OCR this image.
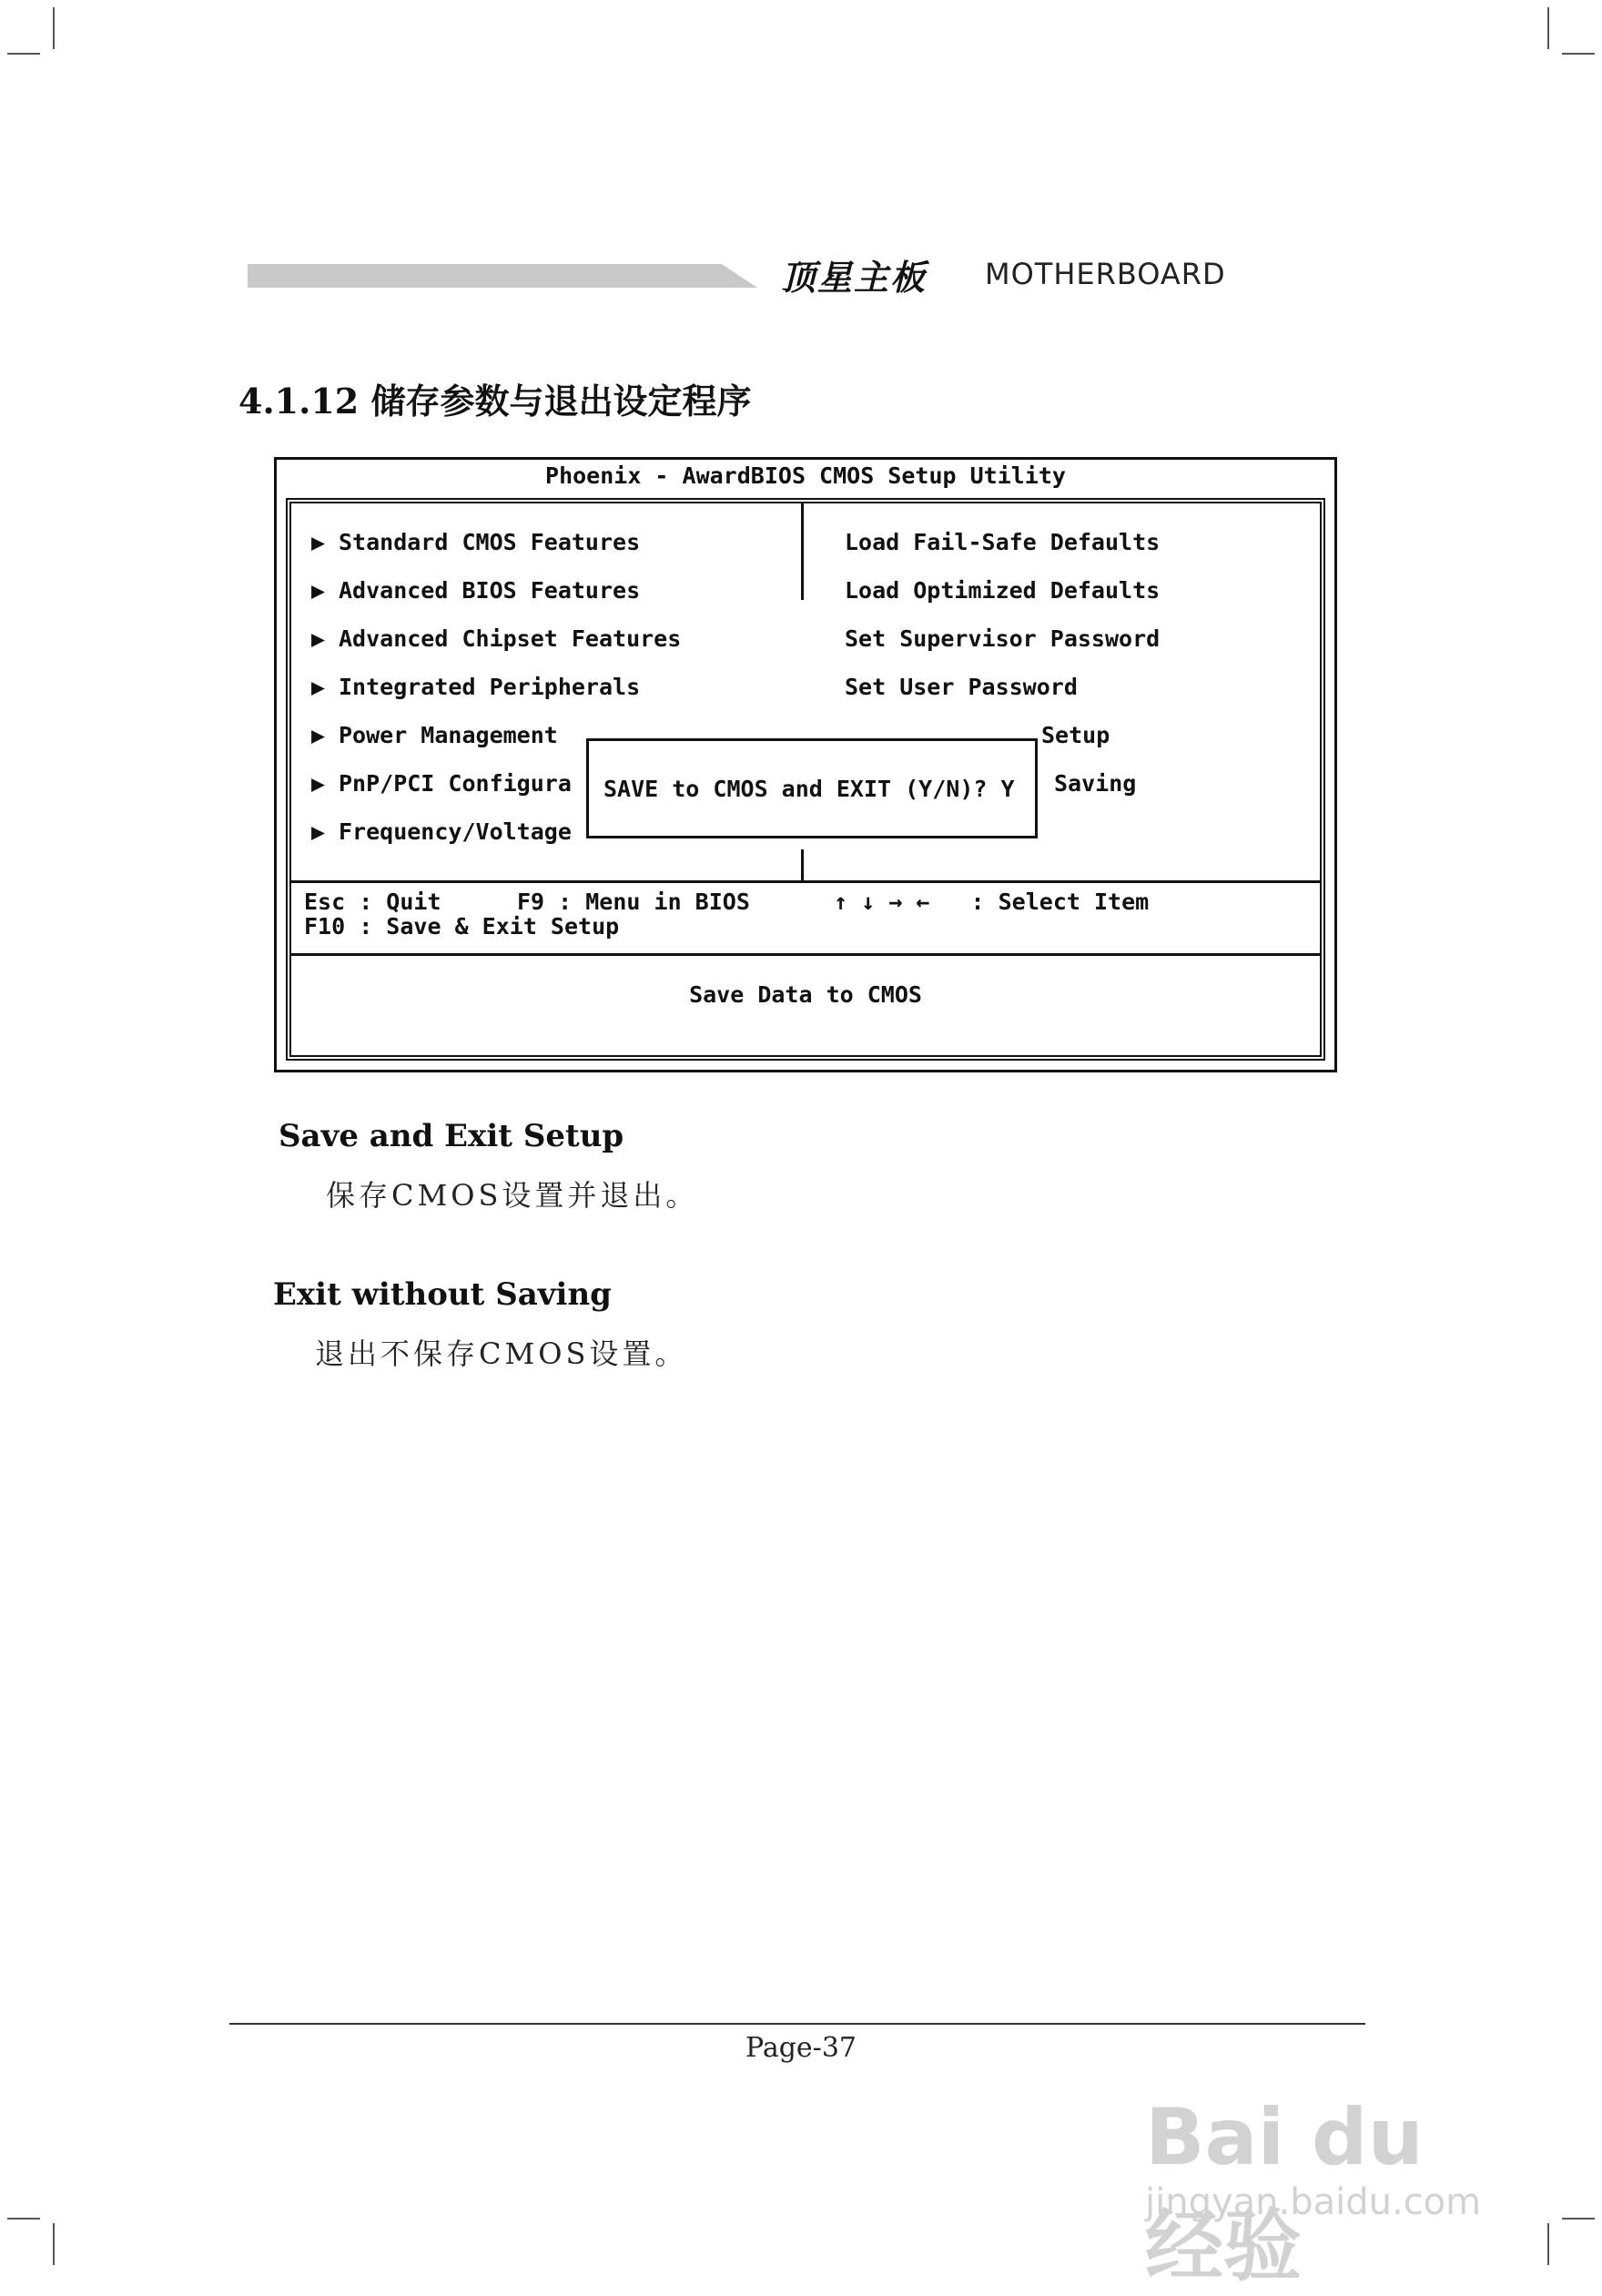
顶星主板 MOTHERBOARD
4.1.12 储存参数与退出设定程序
Phoenix - AwardBIOS CMOS Setup Utility
▶ Standard CMOS Features
▶ Advanced BIOS Features
▶ Advanced Chipset Features
▶ Integrated Peripherals
▶ Power Management
▶ PnP/PCI Configura
▶ Frequency/Voltage
Load Fail-Safe Defaults
Load Optimized Defaults
Set Supervisor Password
Set User Password
Setup
Saving
SAVE to CMOS and EXIT (Y/N)? Y
Esc : Quit	F9 : Menu in BIOS	↑ ↓ → ←   : Select Item
F10 : Save & Exit Setup
Save Data to CMOS
Save and Exit Setup
保存CMOS设置并退出。
Exit without Saving
退出不保存CMOS设置。
Page-37
Bai du 经验
jingyan.baidu.com
